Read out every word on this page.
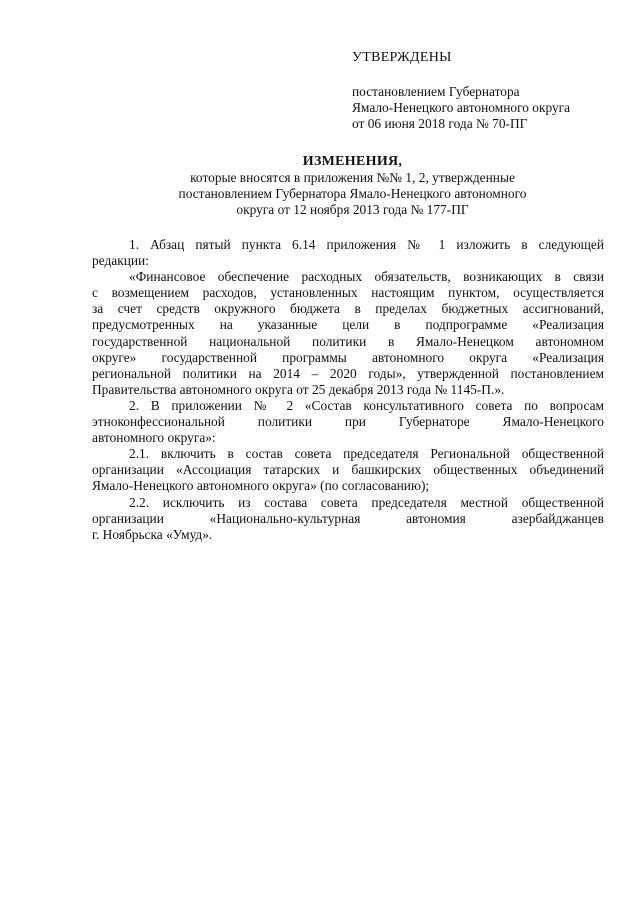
УТВЕРЖДЕНЫ
постановлением Губернатора
Ямало-Ненецкого автономного округа
от 06 июня 2018 года № 70-ПГ
ИЗМЕНЕНИЯ,
которые вносятся в приложения №№ 1, 2, утвержденные
постановлением Губернатора Ямало-Ненецкого автономного
округа от 12 ноября 2013 года № 177-ПГ

1. Абзац пятый пункта 6.14 приложения № 1 изложить в следующей
редакции:

«Финансовое обеспечение расходных обязательств, возникающих в связи
с возмещением расходов, установленных настоящим пунктом, осуществляется
за счет средств окружного бюджета в пределах бюджетных ассигнований,
предусмотренных на указанные цели в подпрограмме «Реализация
государственной национальной политики в Ямало-Ненецком автономном
округе» государственной программы автономного округа «Реализация
региональной политики на 2014 – 2020 годы», утвержденной постановлением
Правительства автономного округа от 25 декабря 2013 года № 1145-П.».

2. В приложении № 2 «Состав консультативного совета по вопросам
этноконфессиональной политики при Губернаторе Ямало-Ненецкого
автономного округа»:

2.1. включить в состав совета председателя Региональной общественной
организации «Ассоциация татарских и башкирских общественных объединений
Ямало-Ненецкого автономного округа» (по согласованию);

2.2. исключить из состава совета председателя местной общественной
организации «Национально-культурная автономия азербайджанцев
г. Ноябрьска «Умуд».
